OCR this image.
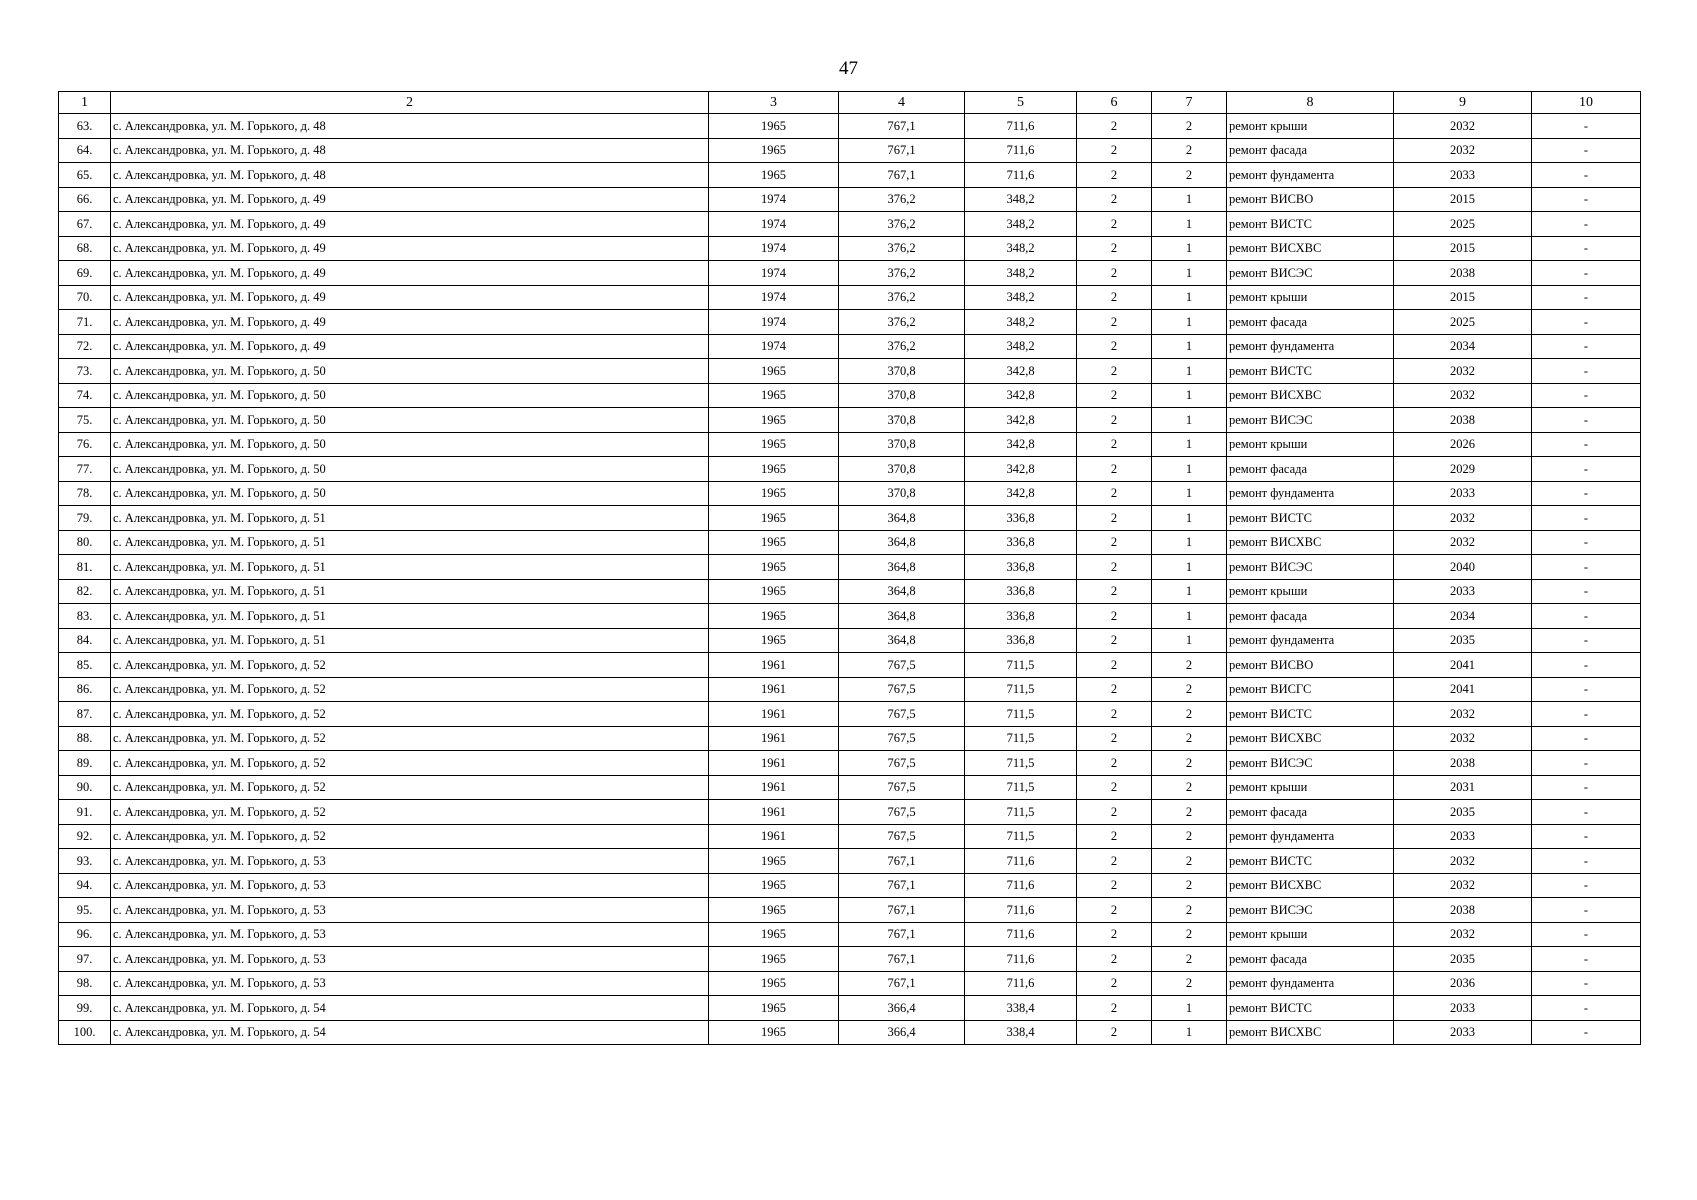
47
1	2	3	4	5	6	7	8	9	10
63.	с. Александровка, ул. М. Горького, д. 48	1965	767,1	711,6	2	2	ремонт крыши	2032	-
64.	с. Александровка, ул. М. Горького, д. 48	1965	767,1	711,6	2	2	ремонт фасада	2032	-
65.	с. Александровка, ул. М. Горького, д. 48	1965	767,1	711,6	2	2	ремонт фундамента	2033	-
66.	с. Александровка, ул. М. Горького, д. 49	1974	376,2	348,2	2	1	ремонт ВИСВО	2015	-
67.	с. Александровка, ул. М. Горького, д. 49	1974	376,2	348,2	2	1	ремонт ВИСТС	2025	-
68.	с. Александровка, ул. М. Горького, д. 49	1974	376,2	348,2	2	1	ремонт ВИСХВС	2015	-
69.	с. Александровка, ул. М. Горького, д. 49	1974	376,2	348,2	2	1	ремонт ВИСЭС	2038	-
70.	с. Александровка, ул. М. Горького, д. 49	1974	376,2	348,2	2	1	ремонт крыши	2015	-
71.	с. Александровка, ул. М. Горького, д. 49	1974	376,2	348,2	2	1	ремонт фасада	2025	-
72.	с. Александровка, ул. М. Горького, д. 49	1974	376,2	348,2	2	1	ремонт фундамента	2034	-
73.	с. Александровка, ул. М. Горького, д. 50	1965	370,8	342,8	2	1	ремонт ВИСТС	2032	-
74.	с. Александровка, ул. М. Горького, д. 50	1965	370,8	342,8	2	1	ремонт ВИСХВС	2032	-
75.	с. Александровка, ул. М. Горького, д. 50	1965	370,8	342,8	2	1	ремонт ВИСЭС	2038	-
76.	с. Александровка, ул. М. Горького, д. 50	1965	370,8	342,8	2	1	ремонт крыши	2026	-
77.	с. Александровка, ул. М. Горького, д. 50	1965	370,8	342,8	2	1	ремонт фасада	2029	-
78.	с. Александровка, ул. М. Горького, д. 50	1965	370,8	342,8	2	1	ремонт фундамента	2033	-
79.	с. Александровка, ул. М. Горького, д. 51	1965	364,8	336,8	2	1	ремонт ВИСТС	2032	-
80.	с. Александровка, ул. М. Горького, д. 51	1965	364,8	336,8	2	1	ремонт ВИСХВС	2032	-
81.	с. Александровка, ул. М. Горького, д. 51	1965	364,8	336,8	2	1	ремонт ВИСЭС	2040	-
82.	с. Александровка, ул. М. Горького, д. 51	1965	364,8	336,8	2	1	ремонт крыши	2033	-
83.	с. Александровка, ул. М. Горького, д. 51	1965	364,8	336,8	2	1	ремонт фасада	2034	-
84.	с. Александровка, ул. М. Горького, д. 51	1965	364,8	336,8	2	1	ремонт фундамента	2035	-
85.	с. Александровка, ул. М. Горького, д. 52	1961	767,5	711,5	2	2	ремонт ВИСВО	2041	-
86.	с. Александровка, ул. М. Горького, д. 52	1961	767,5	711,5	2	2	ремонт ВИСГС	2041	-
87.	с. Александровка, ул. М. Горького, д. 52	1961	767,5	711,5	2	2	ремонт ВИСТС	2032	-
88.	с. Александровка, ул. М. Горького, д. 52	1961	767,5	711,5	2	2	ремонт ВИСХВС	2032	-
89.	с. Александровка, ул. М. Горького, д. 52	1961	767,5	711,5	2	2	ремонт ВИСЭС	2038	-
90.	с. Александровка, ул. М. Горького, д. 52	1961	767,5	711,5	2	2	ремонт крыши	2031	-
91.	с. Александровка, ул. М. Горького, д. 52	1961	767,5	711,5	2	2	ремонт фасада	2035	-
92.	с. Александровка, ул. М. Горького, д. 52	1961	767,5	711,5	2	2	ремонт фундамента	2033	-
93.	с. Александровка, ул. М. Горького, д. 53	1965	767,1	711,6	2	2	ремонт ВИСТС	2032	-
94.	с. Александровка, ул. М. Горького, д. 53	1965	767,1	711,6	2	2	ремонт ВИСХВС	2032	-
95.	с. Александровка, ул. М. Горького, д. 53	1965	767,1	711,6	2	2	ремонт ВИСЭС	2038	-
96.	с. Александровка, ул. М. Горького, д. 53	1965	767,1	711,6	2	2	ремонт крыши	2032	-
97.	с. Александровка, ул. М. Горького, д. 53	1965	767,1	711,6	2	2	ремонт фасада	2035	-
98.	с. Александровка, ул. М. Горького, д. 53	1965	767,1	711,6	2	2	ремонт фундамента	2036	-
99.	с. Александровка, ул. М. Горького, д. 54	1965	366,4	338,4	2	1	ремонт ВИСТС	2033	-
100.	с. Александровка, ул. М. Горького, д. 54	1965	366,4	338,4	2	1	ремонт ВИСХВС	2033	-
